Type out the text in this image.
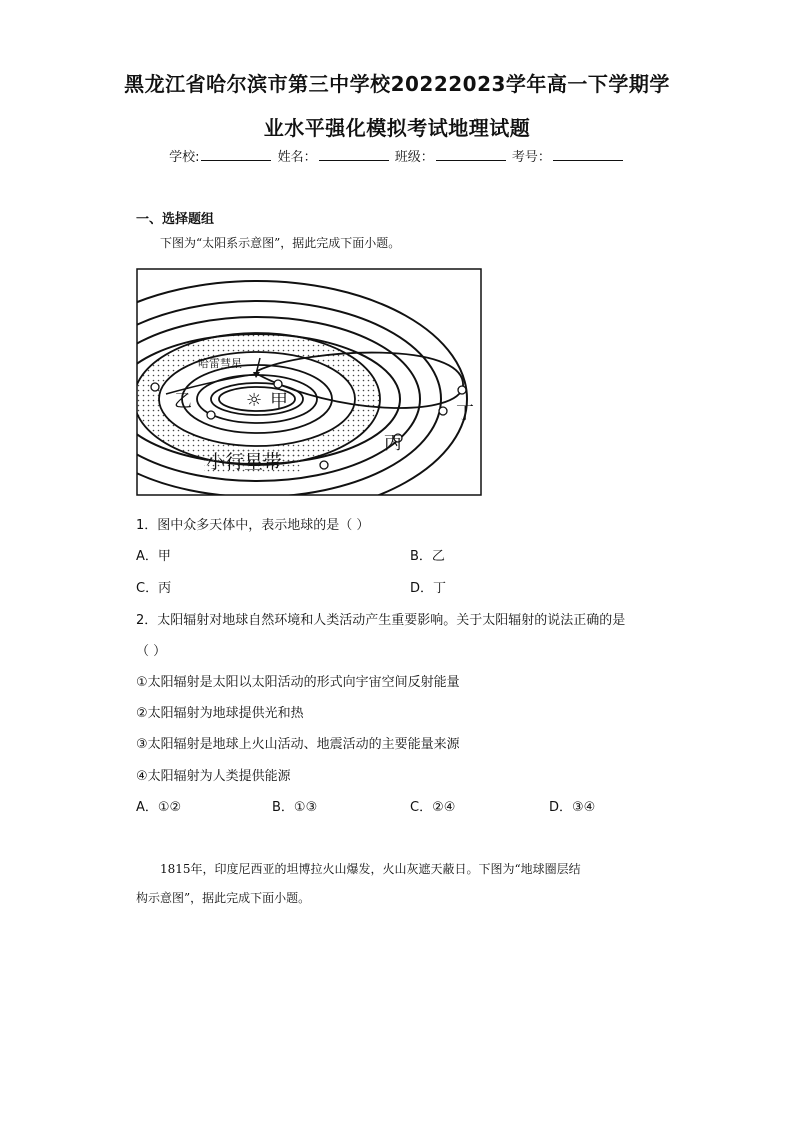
黑龙江省哈尔滨市第三中学校20222023学年高一下学期学
业水平强化模拟考试地理试题
学校:	姓名：	班级：	考号：
一、选择题组
下图为“太阳系示意图”，据此完成下面小题。
哈雷彗星
☼ 甲
乙
丙
丁
小行星带
1．图中众多天体中，表示地球的是（ ）
A．甲	B．乙
C．丙	D．丁
2．太阳辐射对地球自然环境和人类活动产生重要影响。关于太阳辐射的说法正确的是
（ ）
①太阳辐射是太阳以太阳活动的形式向宇宙空间反射能量
②太阳辐射为地球提供光和热
③太阳辐射是地球上火山活动、地震活动的主要能量来源
④太阳辐射为人类提供能源
A．①②	B．①③	C．②④	D．③④
1815年，印度尼西亚的坦博拉火山爆发，火山灰遮天蔽日。下图为“地球圈层结
构示意图”，据此完成下面小题。
